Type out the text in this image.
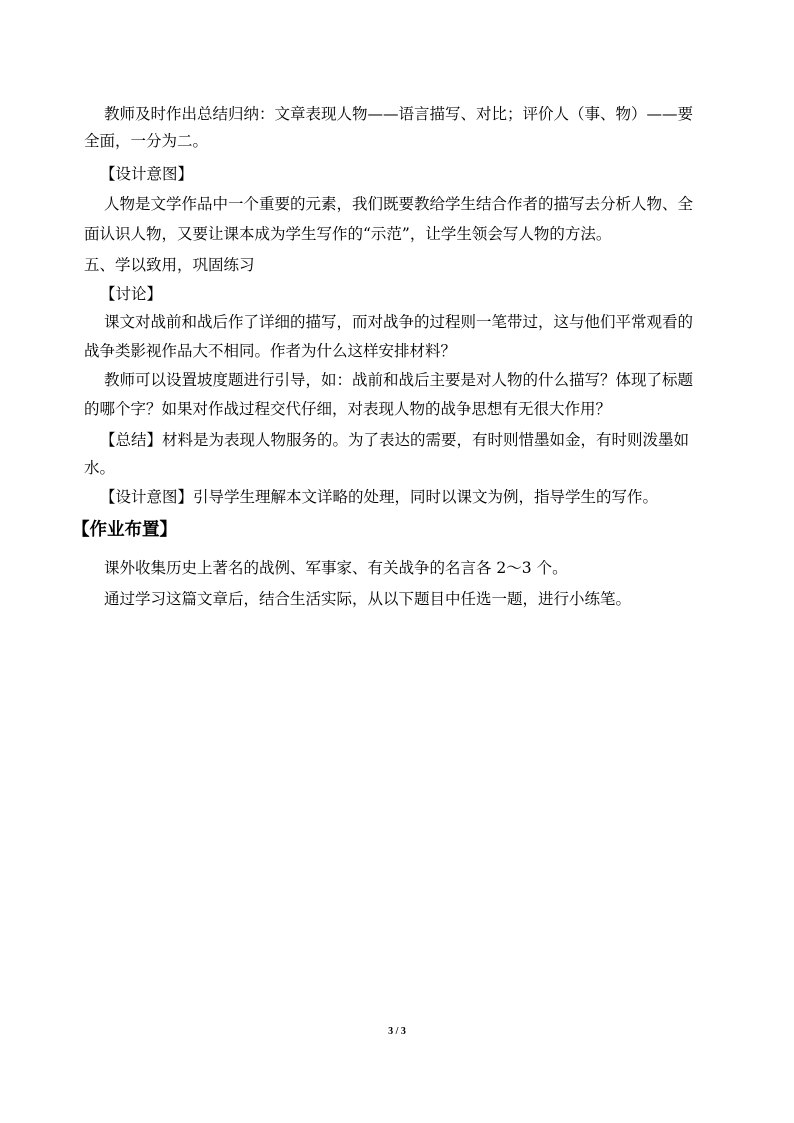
教师及时作出总结归纳：文章表现人物——语言描写、对比；评价人（事、物）——要
全面，一分为二。
【设计意图】
人物是文学作品中一个重要的元素，我们既要教给学生结合作者的描写去分析人物、全
面认识人物，又要让课本成为学生写作的“示范”，让学生领会写人物的方法。
五、学以致用，巩固练习
【讨论】
课文对战前和战后作了详细的描写，而对战争的过程则一笔带过，这与他们平常观看的
战争类影视作品大不相同。作者为什么这样安排材料？
教师可以设置坡度题进行引导，如：战前和战后主要是对人物的什么描写？体现了标题
的哪个字？如果对作战过程交代仔细，对表现人物的战争思想有无很大作用？
【总结】材料是为表现人物服务的。为了表达的需要，有时则惜墨如金，有时则泼墨如
水。
【设计意图】引导学生理解本文详略的处理，同时以课文为例，指导学生的写作。
【作业布置】
课外收集历史上著名的战例、军事家、有关战争的名言各 2～3 个。
通过学习这篇文章后，结合生活实际，从以下题目中任选一题，进行小练笔。
3 / 3
